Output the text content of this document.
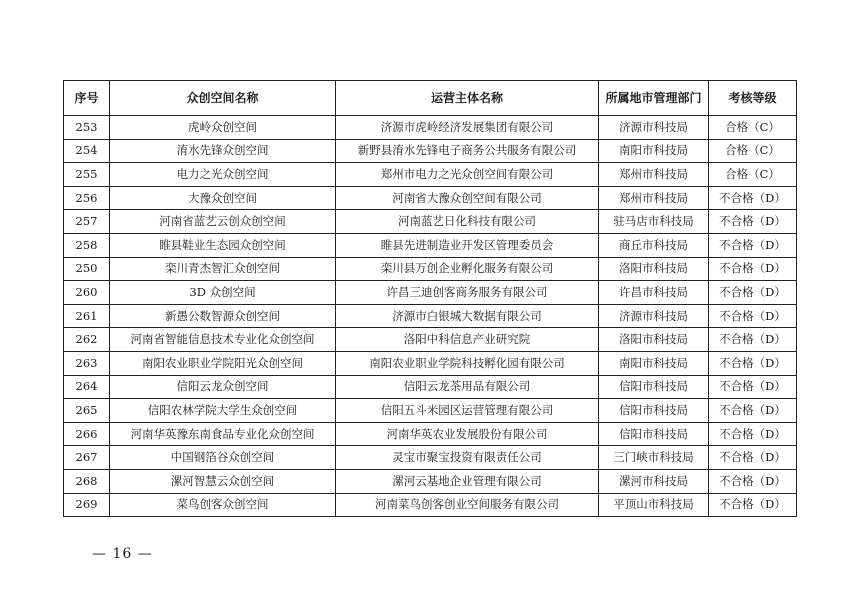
序号	众创空间名称	运营主体名称	所属地市管理部门	考核等级
253	虎岭众创空间	济源市虎岭经济发展集团有限公司	济源市科技局	合格（C）
254	淯水先锋众创空间	新野县淯水先锋电子商务公共服务有限公司	南阳市科技局	合格（C）
255	电力之光众创空间	郑州市电力之光众创空间有限公司	郑州市科技局	合格（C）
256	大豫众创空间	河南省大豫众创空间有限公司	郑州市科技局	不合格（D）
257	河南省蓝艺云创众创空间	河南蓝艺日化科技有限公司	驻马店市科技局	不合格（D）
258	睢县鞋业生态园众创空间	睢县先进制造业开发区管理委员会	商丘市科技局	不合格（D）
250	栾川青杰智汇众创空间	栾川县万创企业孵化服务有限公司	洛阳市科技局	不合格（D）
260	3D 众创空间	许昌三迪创客商务服务有限公司	许昌市科技局	不合格（D）
261	新愚公数智源众创空间	济源市白银城大数据有限公司	济源市科技局	不合格（D）
262	河南省智能信息技术专业化众创空间	洛阳中科信息产业研究院	洛阳市科技局	不合格（D）
263	南阳农业职业学院阳光众创空间	南阳农业职业学院科技孵化园有限公司	南阳市科技局	不合格（D）
264	信阳云龙众创空间	信阳云龙茶用品有限公司	信阳市科技局	不合格（D）
265	信阳农林学院大学生众创空间	信阳五斗米园区运营管理有限公司	信阳市科技局	不合格（D）
266	河南华英豫东南食品专业化众创空间	河南华英农业发展股份有限公司	信阳市科技局	不合格（D）
267	中国钢箔谷众创空间	灵宝市聚宝投资有限责任公司	三门峡市科技局	不合格（D）
268	漯河智慧云众创空间	漯河云基地企业管理有限公司	漯河市科技局	不合格（D）
269	菜鸟创客众创空间	河南菜鸟创客创业空间服务有限公司	平顶山市科技局	不合格（D）
— 16 —
